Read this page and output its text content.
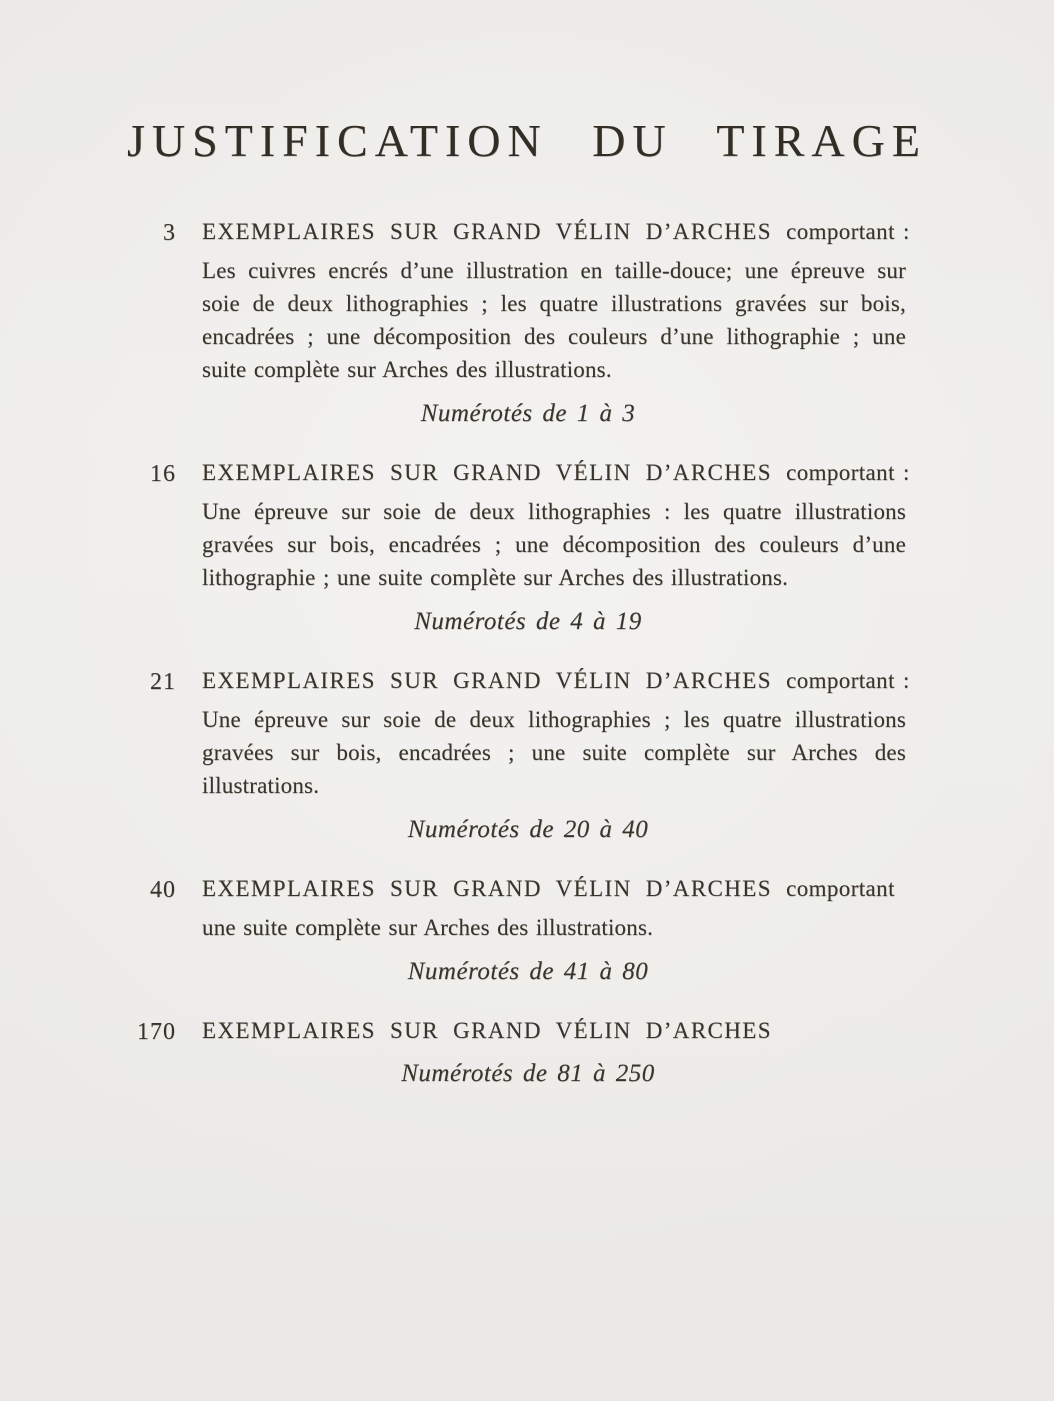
JUSTIFICATION DU TIRAGE
3 EXEMPLAIRES SUR GRAND VÉLIN D’ARCHES comportant :
Les cuivres encrés d’une illustration en taille-douce; une épreuve sur soie de deux lithographies ; les quatre illustrations gravées sur bois, encadrées ; une décomposition des couleurs d’une lithographie ; une suite complète sur Arches des illustrations.
Numérotés de 1 à 3
16 EXEMPLAIRES SUR GRAND VÉLIN D’ARCHES comportant :
Une épreuve sur soie de deux lithographies : les quatre illustrations gravées sur bois, encadrées ; une décomposition des couleurs d’une lithographie ; une suite complète sur Arches des illustrations.
Numérotés de 4 à 19
21 EXEMPLAIRES SUR GRAND VÉLIN D’ARCHES comportant :
Une épreuve sur soie de deux lithographies ; les quatre illustrations gravées sur bois, encadrées ; une suite complète sur Arches des illustrations.
Numérotés de 20 à 40
40 EXEMPLAIRES SUR GRAND VÉLIN D’ARCHES comportant
une suite complète sur Arches des illustrations.
Numérotés de 41 à 80
170 EXEMPLAIRES SUR GRAND VÉLIN D’ARCHES
Numérotés de 81 à 250
